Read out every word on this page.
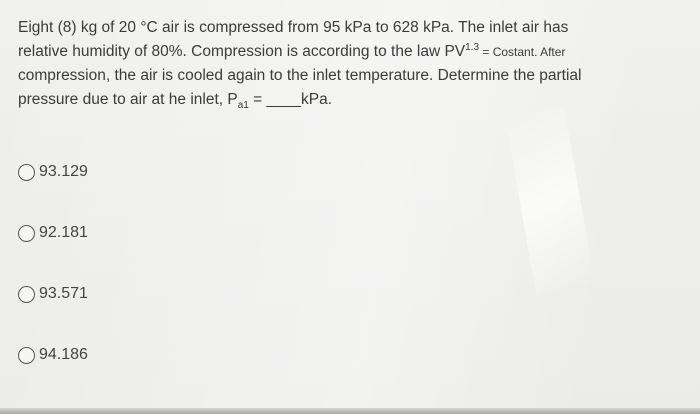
Eight (8) kg of 20 °C air is compressed from 95 kPa to 628 kPa. The inlet air has
relative humidity of 80%. Compression is according to the law $PV^{1.3} = Costant$. After
compression, the air is cooled again to the inlet temperature. Determine the partial
pressure due to air at he inlet, $P_{a1}$ = ____kPa.

93.129
92.181
93.571
94.186
